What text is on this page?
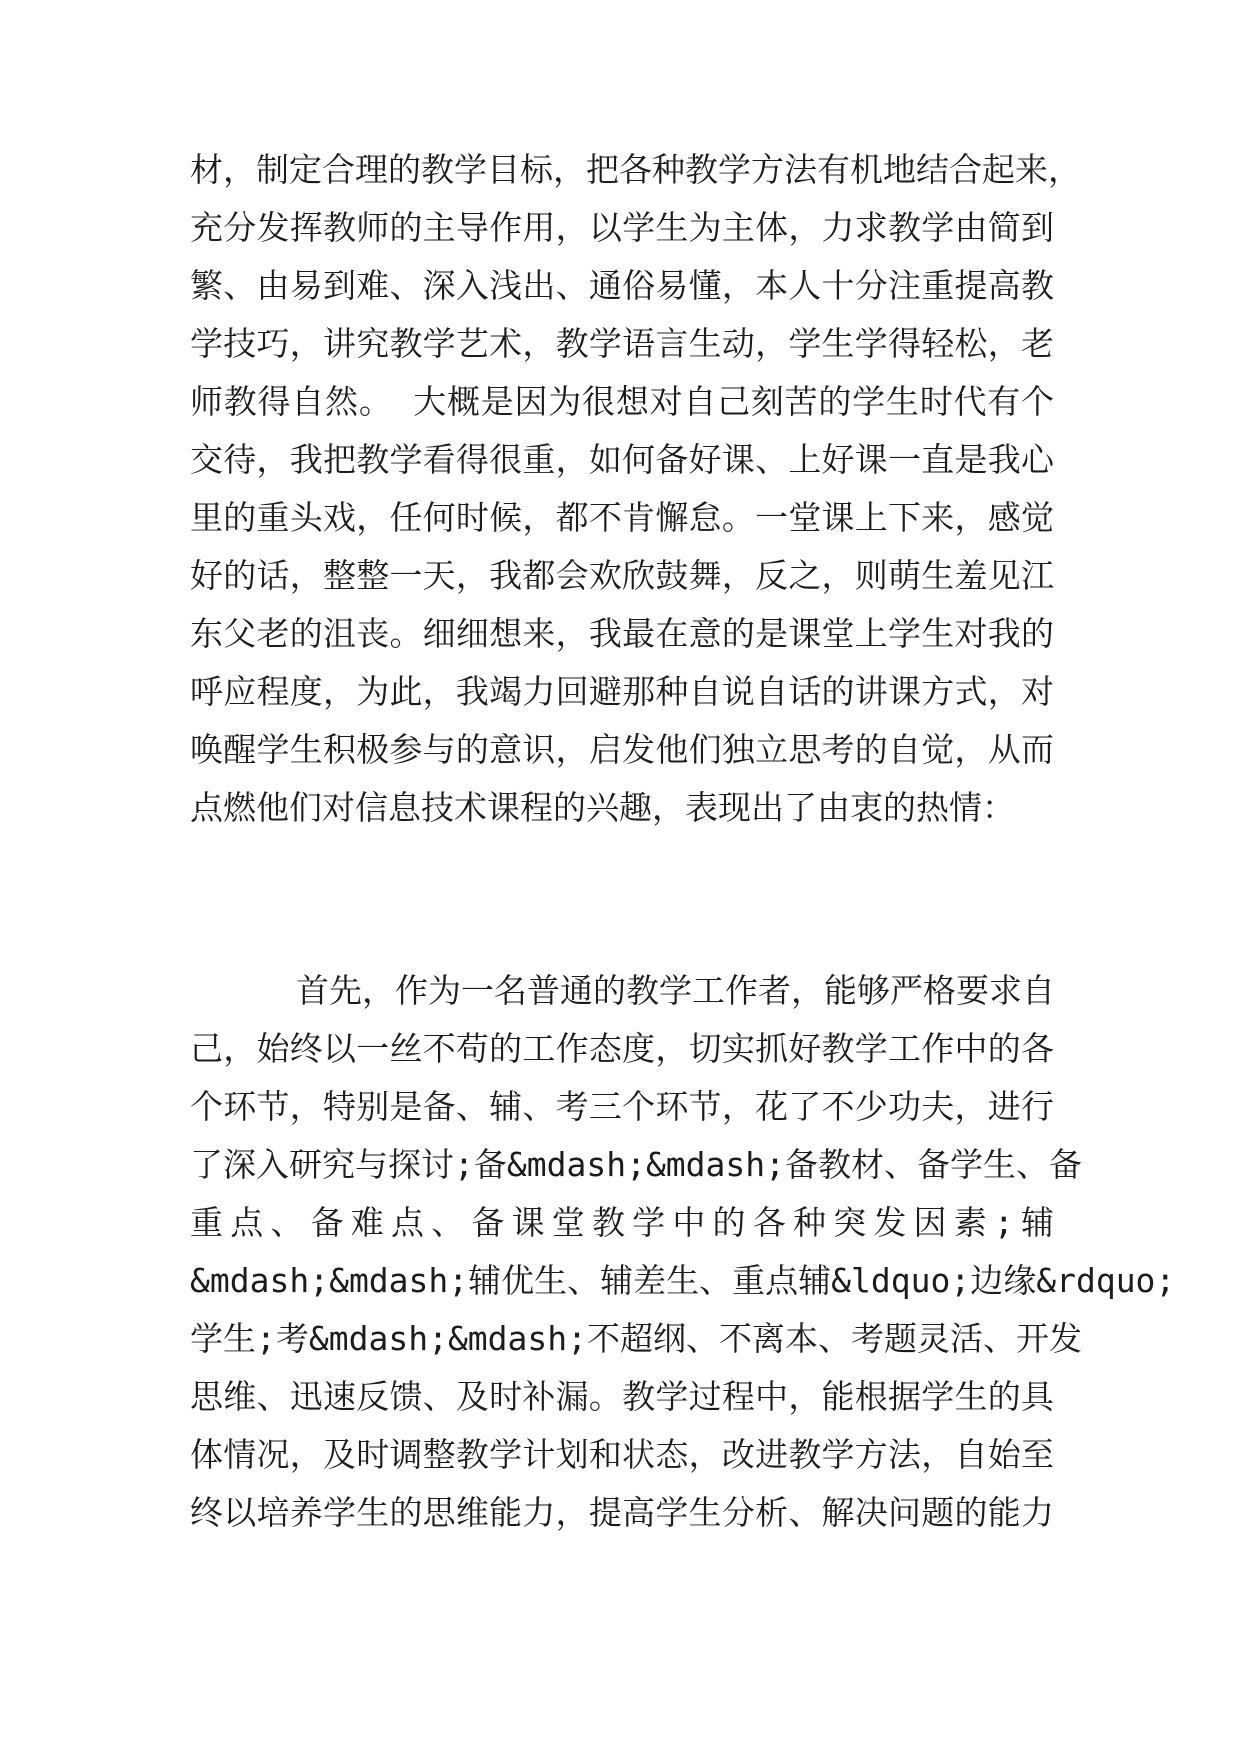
材，制定合理的教学目标，把各种教学方法有机地结合起来，
充分发挥教师的主导作用，以学生为主体，力求教学由简到
繁、由易到难、深入浅出、通俗易懂，本人十分注重提高教
学技巧，讲究教学艺术，教学语言生动，学生学得轻松，老
师教得自然。 大概是因为很想对自己刻苦的学生时代有个
交待，我把教学看得很重，如何备好课、上好课一直是我心
里的重头戏，任何时候，都不肯懈怠。一堂课上下来，感觉
好的话，整整一天，我都会欢欣鼓舞，反之，则萌生羞见江
东父老的沮丧。细细想来，我最在意的是课堂上学生对我的
呼应程度，为此，我竭力回避那种自说自话的讲课方式，对
唤醒学生积极参与的意识，启发他们独立思考的自觉，从而
点燃他们对信息技术课程的兴趣，表现出了由衷的热情：
首先，作为一名普通的教学工作者，能够严格要求自
己，始终以一丝不苟的工作态度，切实抓好教学工作中的各
个环节，特别是备、辅、考三个环节，花了不少功夫，进行
了深入研究与探讨;备&mdash;&mdash;备教材、备学生、备
重点、备难点、备课堂教学中的各种突发因素;辅
&mdash;&mdash;辅优生、辅差生、重点辅&ldquo;边缘&rdquo;
学生;考&mdash;&mdash;不超纲、不离本、考题灵活、开发
思维、迅速反馈、及时补漏。教学过程中，能根据学生的具
体情况，及时调整教学计划和状态，改进教学方法，自始至
终以培养学生的思维能力，提高学生分析、解决问题的能力
